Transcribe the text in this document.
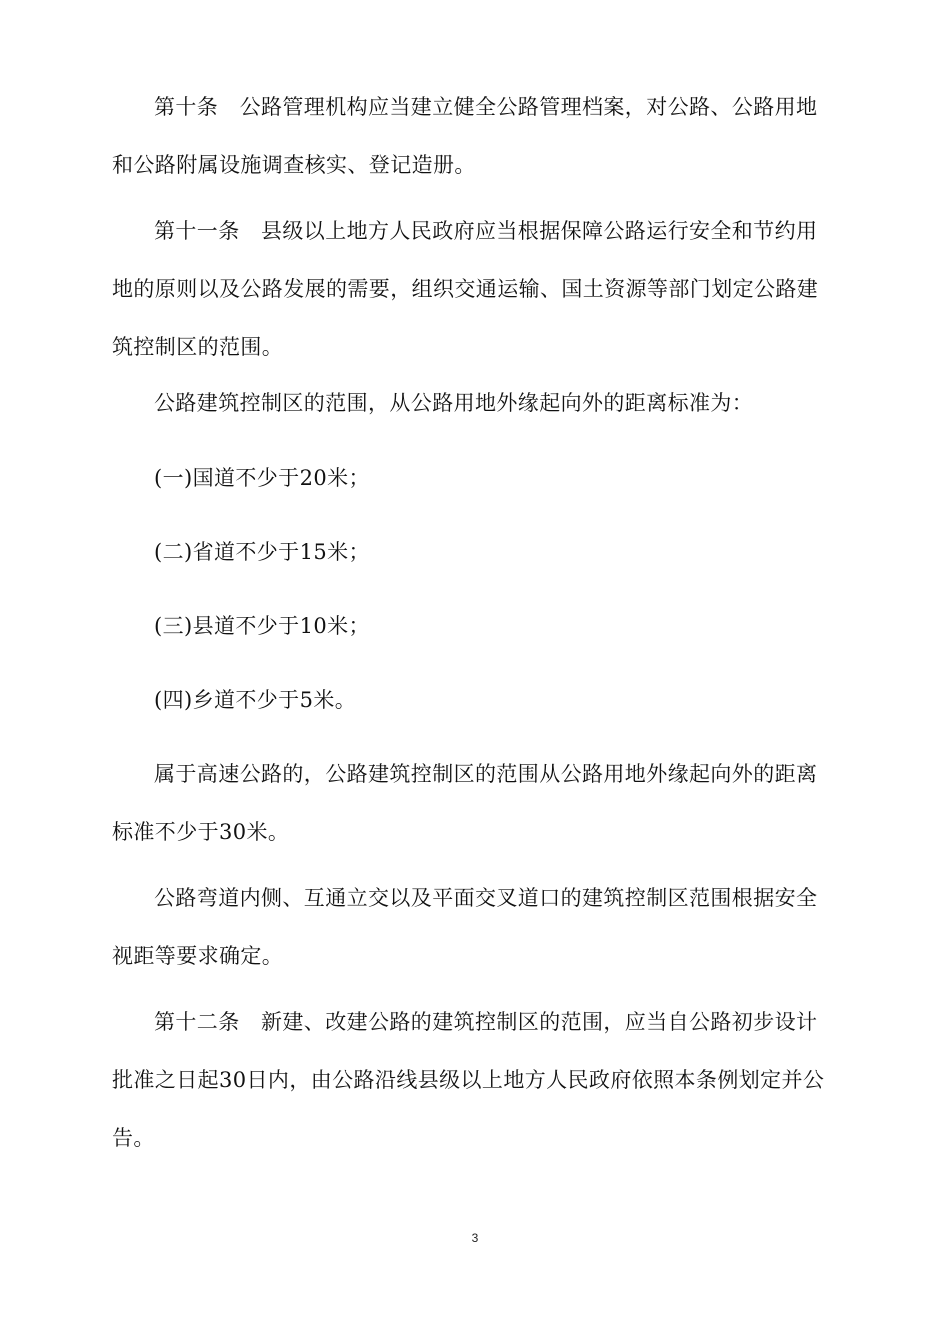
第十条　公路管理机构应当建立健全公路管理档案，对公路、公路用地和公路附属设施调查核实、登记造册。

第十一条　县级以上地方人民政府应当根据保障公路运行安全和节约用地的原则以及公路发展的需要，组织交通运输、国土资源等部门划定公路建筑控制区的范围。

公路建筑控制区的范围，从公路用地外缘起向外的距离标准为：

(一)国道不少于20米；

(二)省道不少于15米；

(三)县道不少于10米；

(四)乡道不少于5米。

属于高速公路的，公路建筑控制区的范围从公路用地外缘起向外的距离标准不少于30米。

公路弯道内侧、互通立交以及平面交叉道口的建筑控制区范围根据安全视距等要求确定。

第十二条　新建、改建公路的建筑控制区的范围，应当自公路初步设计批准之日起30日内，由公路沿线县级以上地方人民政府依照本条例划定并公告。

3
